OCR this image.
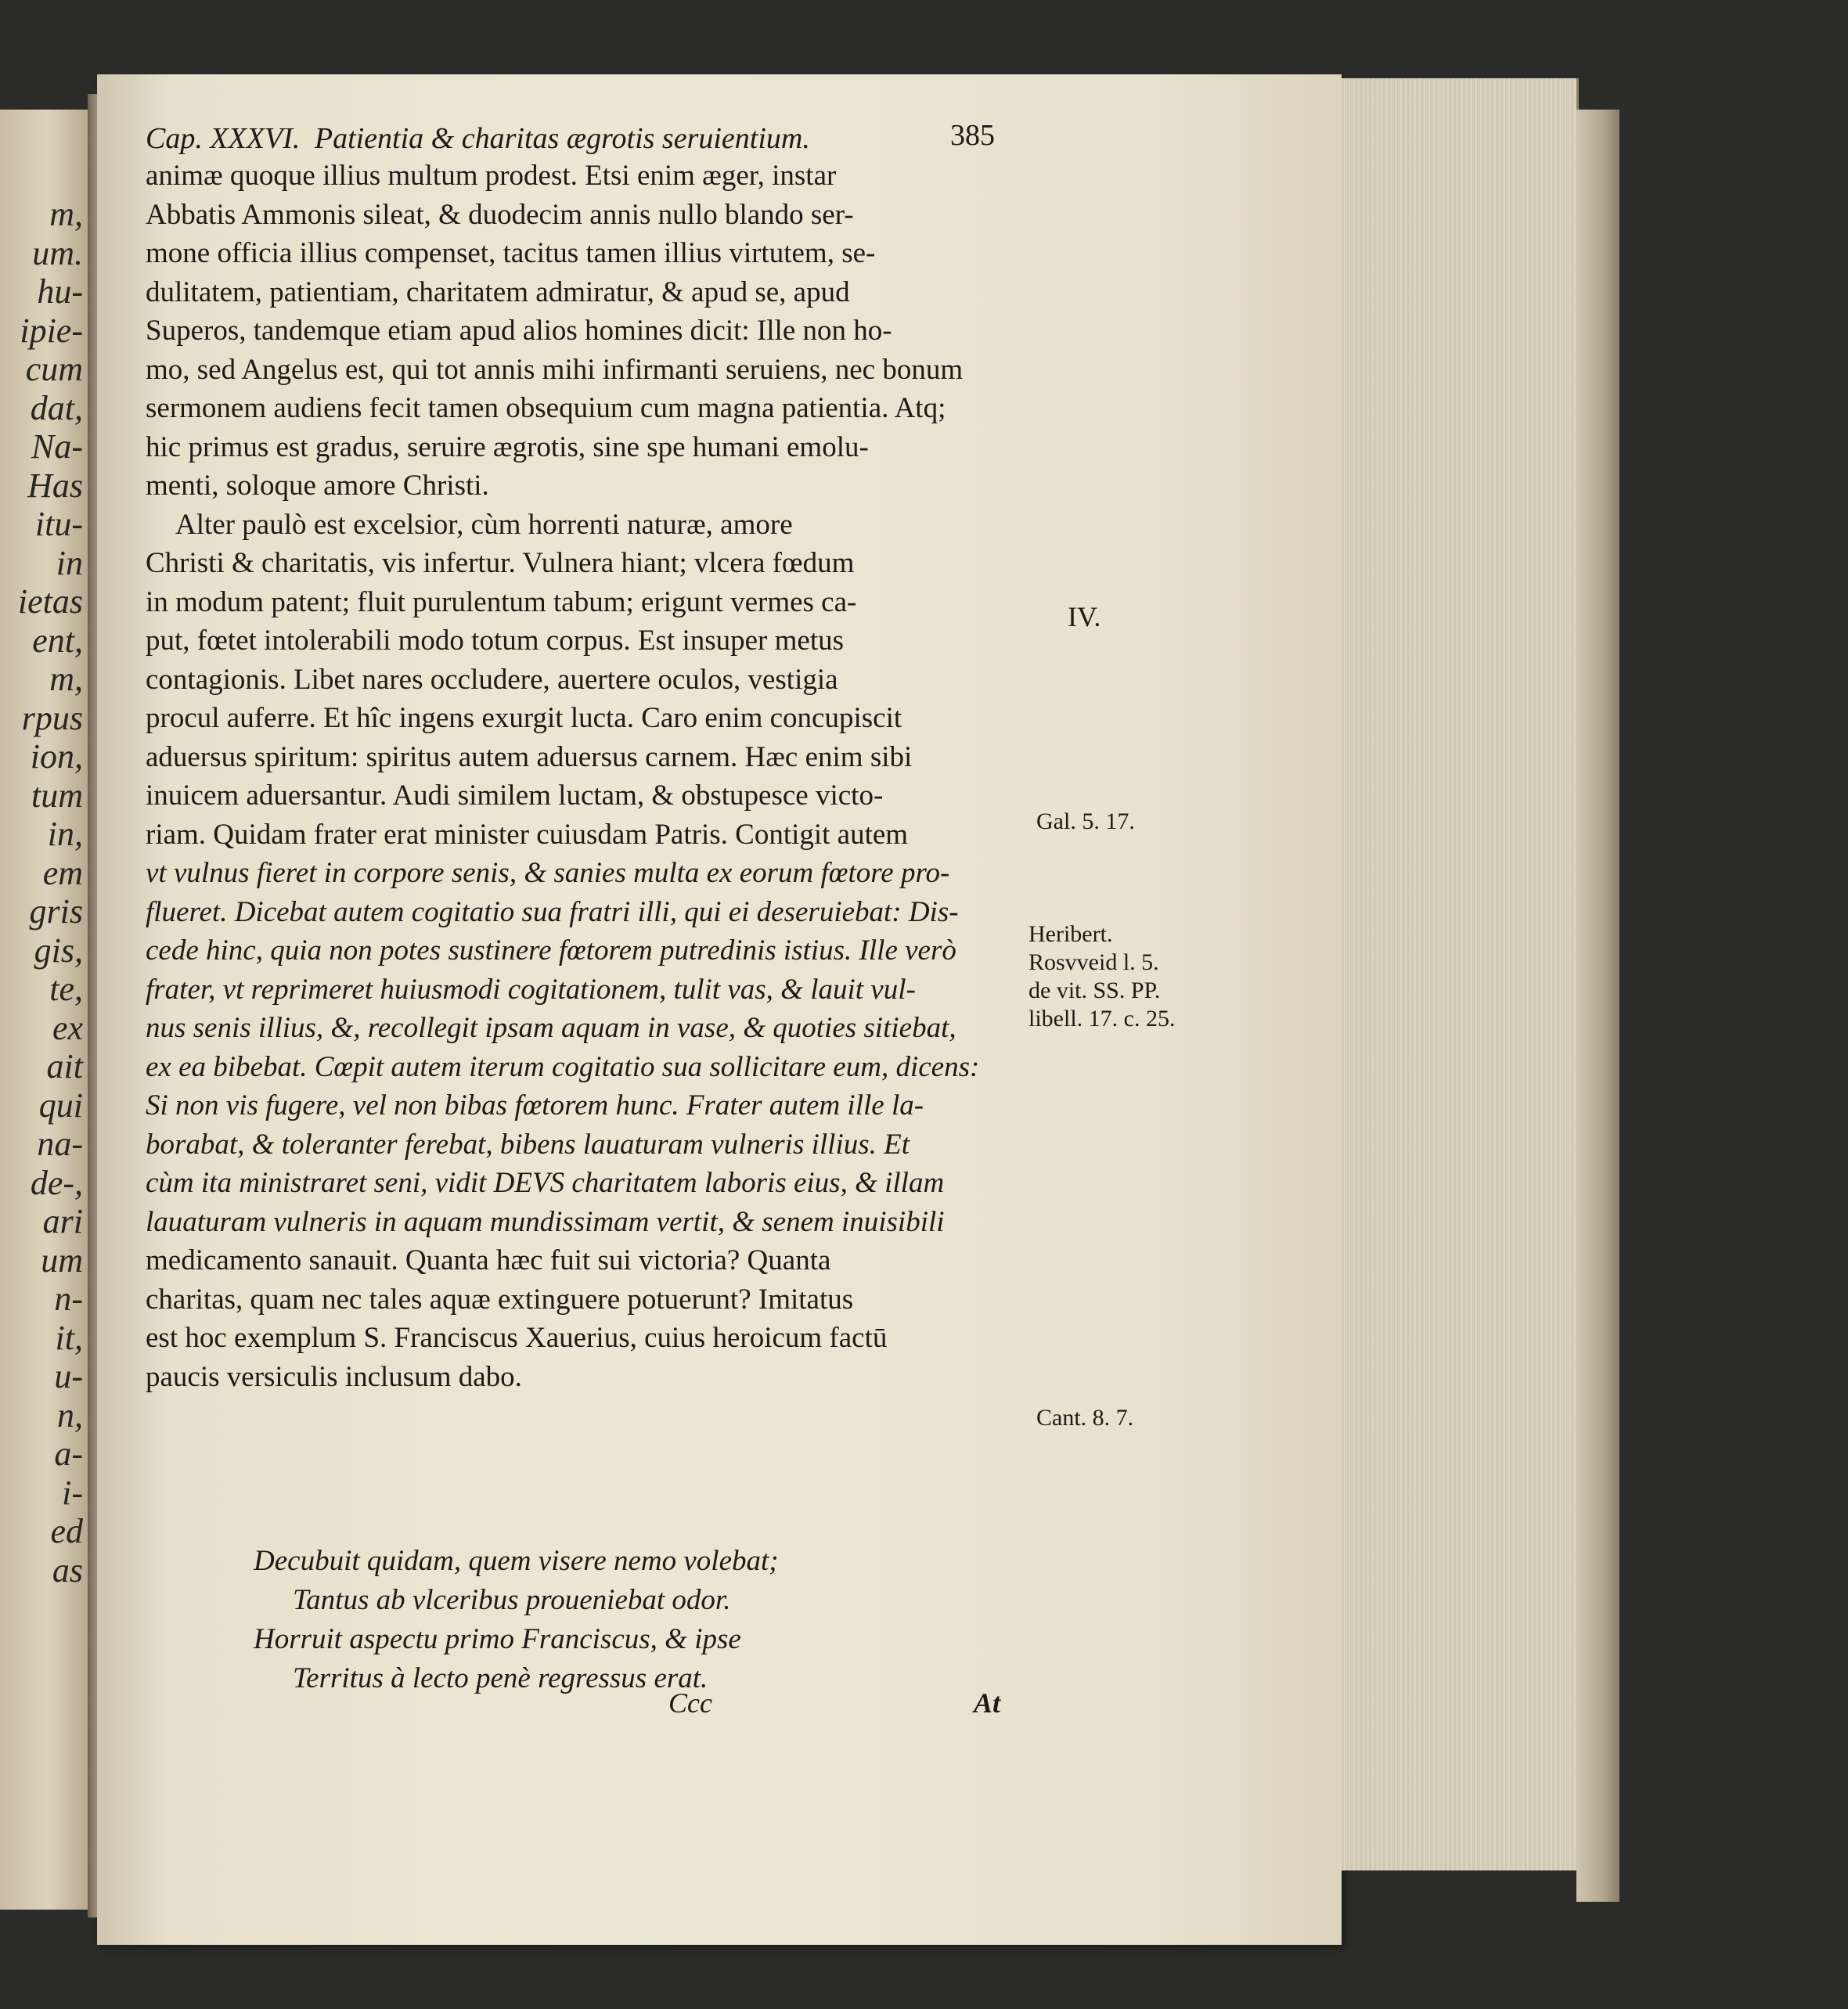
m,
um.
hu-
ipie-
cum
dat,
Na-
Has
itu-
in
ietas
ent,
m,
rpus
ion,
tum
in,
em
gris
gis,
te,
ex
ait
qui
na-
de-,
ari
um
n-
it,
u-
n,
a-
i-
ed
as
Cap. XXXVI. Patientia & charitas ægrotis seruientium.	385
animæ quoque illius multum prodest. Etsi enim æger, instar
Abbatis Ammonis sileat, & duodecim annis nullo blando ser-
mone officia illius compenset, tacitus tamen illius virtutem, se-
dulitatem, patientiam, charitatem admiratur, & apud se, apud
Superos, tandemque etiam apud alios homines dicit: Ille non ho-
mo, sed Angelus est, qui tot annis mihi infirmanti seruiens, nec bonum
sermonem audiens fecit tamen obsequium cum magna patientia. Atq;
hic primus est gradus, seruire ægrotis, sine spe humani emolu-
menti, soloque amore Christi.
Alter paulò est excelsior, cùm horrenti naturæ, amore
Christi & charitatis, vis infertur. Vulnera hiant; vlcera fœdum
in modum patent; fluit purulentum tabum; erigunt vermes ca-
put, fœtet intolerabili modo totum corpus. Est insuper metus
contagionis. Libet nares occludere, auertere oculos, vestigia
procul auferre. Et hîc ingens exurgit lucta. Caro enim concupiscit
aduersus spiritum: spiritus autem aduersus carnem. Hæc enim sibi
inuicem aduersantur. Audi similem luctam, & obstupesce victo-
riam. Quidam frater erat minister cuiusdam Patris. Contigit autem
vt vulnus fieret in corpore senis, & sanies multa ex eorum fœtore pro-
flueret. Dicebat autem cogitatio sua fratri illi, qui ei deseruiebat: Dis-
cede hinc, quia non potes sustinere fœtorem putredinis istius. Ille verò
frater, vt reprimeret huiusmodi cogitationem, tulit vas, & lauit vul-
nus senis illius, &, recollegit ipsam aquam in vase, & quoties sitiebat,
ex ea bibebat. Cœpit autem iterum cogitatio sua sollicitare eum, dicens:
Si non vis fugere, vel non bibas fœtorem hunc. Frater autem ille la-
borabat, & toleranter ferebat, bibens lauaturam vulneris illius. Et
cùm ita ministraret seni, vidit DEVS charitatem laboris eius, & illam
lauaturam vulneris in aquam mundissimam vertit, & senem inuisibili
medicamento sanauit. Quanta hæc fuit sui victoria? Quanta
charitas, quam nec tales aquæ extinguere potuerunt? Imitatus
est hoc exemplum S. Franciscus Xauerius, cuius heroicum factū
paucis versiculis inclusum dabo.
Decubuit quidam, quem visere nemo volebat;
Tantus ab vlceribus proueniebat odor.
Horruit aspectu primo Franciscus, & ipse
Territus à lecto penè regressus erat.
Ccc	At
IV.
Gal. 5. 17.
Heribert.
Rosvveid l. 5.
de vit. SS. PP.
libell. 17. c. 25.
Cant. 8. 7.
